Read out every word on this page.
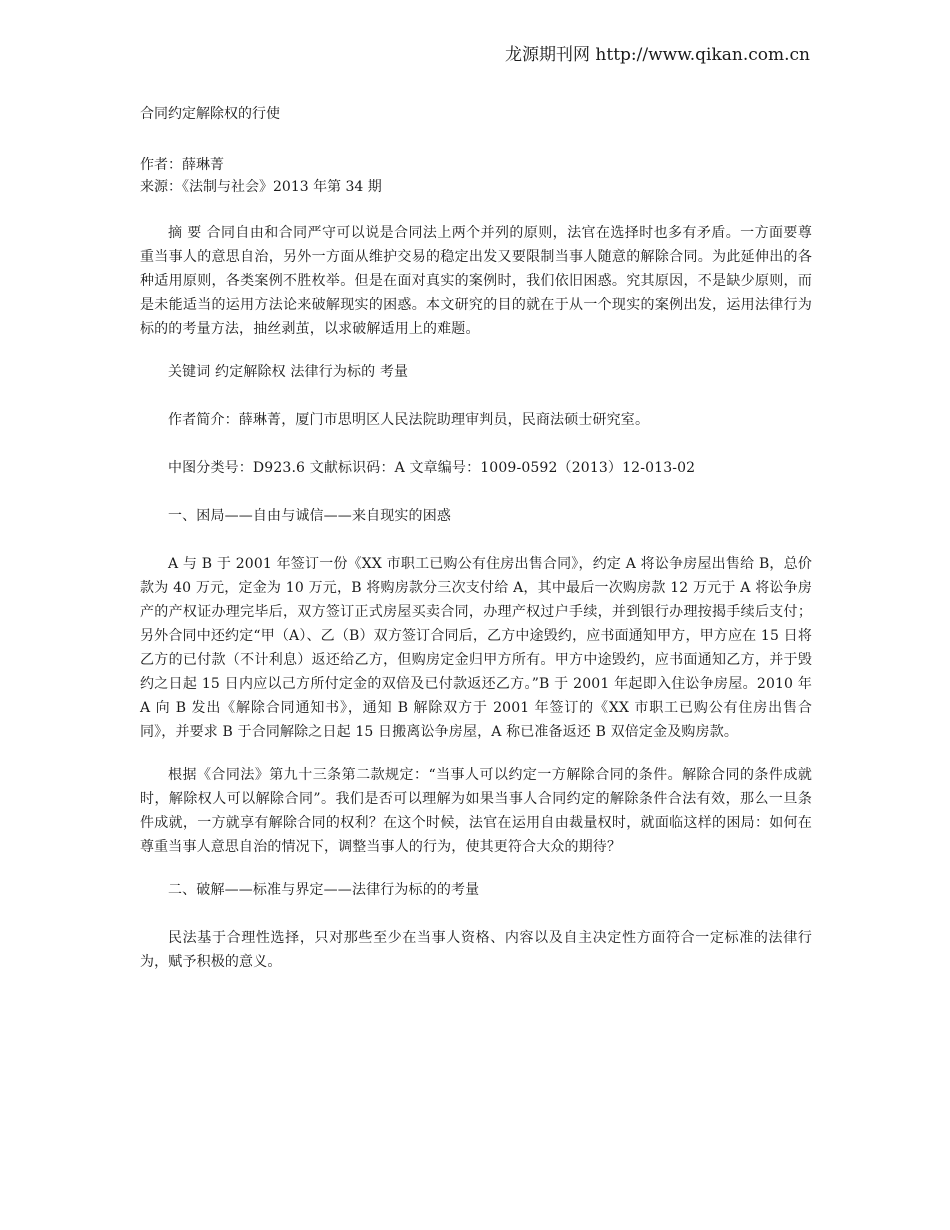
龙源期刊网 http://www.qikan.com.cn

合同约定解除权的行使

作者：薛琳菁

来源：《法制与社会》2013 年第 34 期

摘 要 合同自由和合同严守可以说是合同法上两个并列的原则，法官在选择时也多有矛盾。一方面要尊重当事人的意思自治，另外一方面从维护交易的稳定出发又要限制当事人随意的解除合同。为此延伸出的各种适用原则，各类案例不胜枚举。但是在面对真实的案例时，我们依旧困惑。究其原因，不是缺少原则，而是未能适当的运用方法论来破解现实的困惑。本文研究的目的就在于从一个现实的案例出发，运用法律行为标的的考量方法，抽丝剥茧，以求破解适用上的难题。

关键词 约定解除权 法律行为标的 考量

作者简介：薛琳菁，厦门市思明区人民法院助理审判员，民商法硕士研究室。

中图分类号：D923.6 文献标识码：A 文章编号：1009-0592（2013）12-013-02

一、困局——自由与诚信——来自现实的困惑

A 与 B 于 2001 年签订一份《XX 市职工已购公有住房出售合同》，约定 A 将讼争房屋出售给 B，总价款为 40 万元，定金为 10 万元，B 将购房款分三次支付给 A，其中最后一次购房款 12 万元于 A 将讼争房产的产权证办理完毕后，双方签订正式房屋买卖合同，办理产权过户手续，并到银行办理按揭手续后支付；另外合同中还约定“甲（A）、乙（B）双方签订合同后，乙方中途毁约，应书面通知甲方，甲方应在 15 日将乙方的已付款（不计利息）返还给乙方，但购房定金归甲方所有。甲方中途毁约，应书面通知乙方，并于毁约之日起 15 日内应以己方所付定金的双倍及已付款返还乙方。”B 于 2001 年起即入住讼争房屋。2010 年 A 向 B 发出《解除合同通知书》，通知 B 解除双方于 2001 年签订的《XX 市职工已购公有住房出售合同》，并要求 B 于合同解除之日起 15 日搬离讼争房屋，A 称已准备返还 B 双倍定金及购房款。

根据《合同法》第九十三条第二款规定：“当事人可以约定一方解除合同的条件。解除合同的条件成就时，解除权人可以解除合同”。我们是否可以理解为如果当事人合同约定的解除条件合法有效，那么一旦条件成就，一方就享有解除合同的权利？在这个时候，法官在运用自由裁量权时，就面临这样的困局：如何在尊重当事人意思自治的情况下，调整当事人的行为，使其更符合大众的期待？

二、破解——标准与界定——法律行为标的的考量

民法基于合理性选择，只对那些至少在当事人资格、内容以及自主决定性方面符合一定标准的法律行为，赋予积极的意义。
